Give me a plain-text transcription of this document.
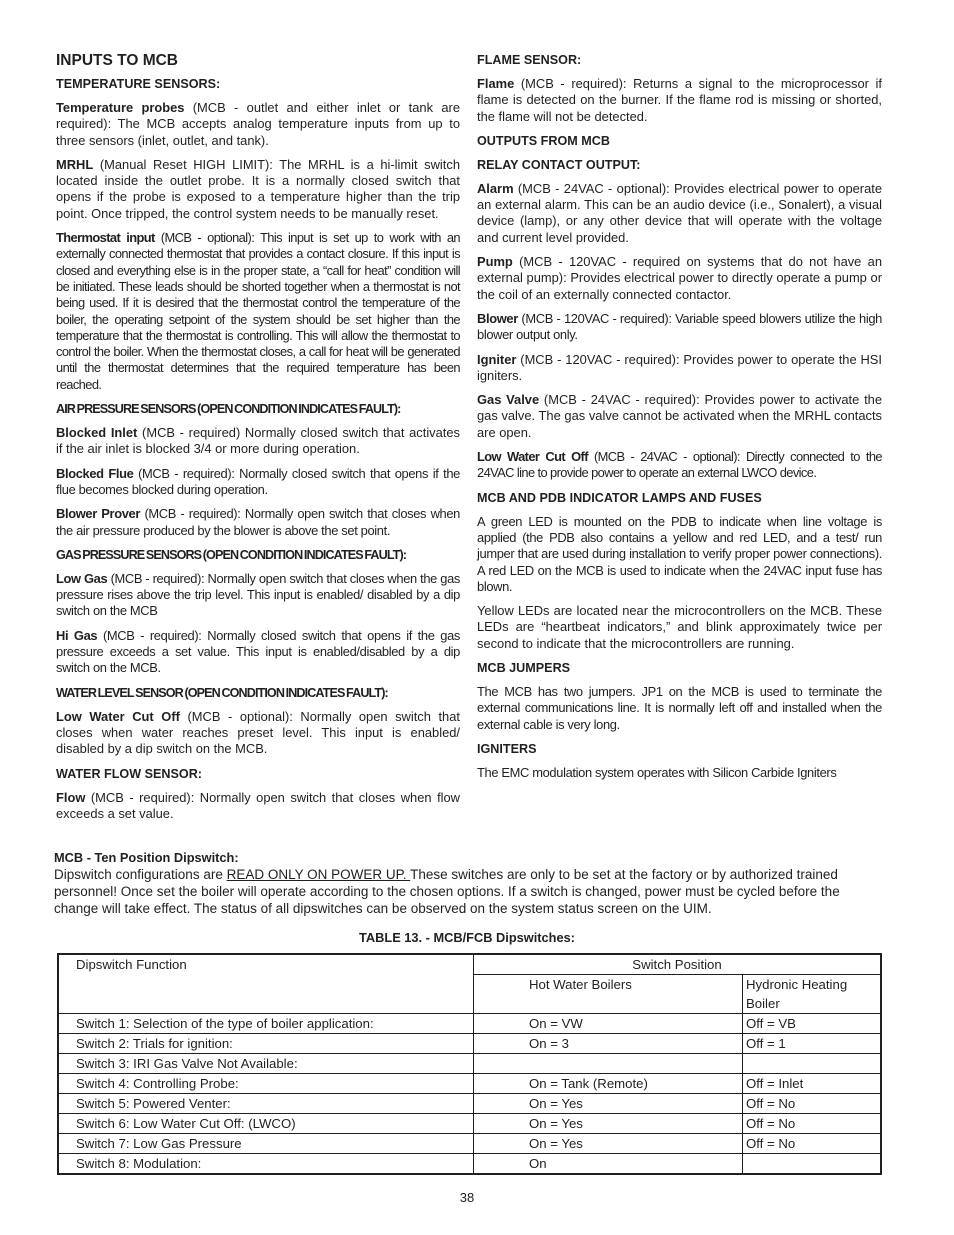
INPUTS TO MCB
TEMPERATURE SENSORS:

Temperature probes (MCB - outlet and either inlet or tank are required): The MCB accepts analog temperature inputs from up to three sensors (inlet, outlet, and tank).

MRHL (Manual Reset HIGH LIMIT): The MRHL is a hi-limit switch located inside the outlet probe. It is a normally closed switch that opens if the probe is exposed to a temperature higher than the trip point. Once tripped, the control system needs to be manually reset.

Thermostat input (MCB - optional): This input is set up to work with an externally connected thermostat that provides a contact closure. If this input is closed and everything else is in the proper state, a “call for heat” condition will be initiated. These leads should be shorted together when a thermostat is not being used. If it is desired that the thermostat control the temperature of the boiler, the operating setpoint of the system should be set higher than the temperature that the thermostat is controlling. This will allow the thermostat to control the boiler. When the thermostat closes, a call for heat will be generated until the thermostat determines that the required temperature has been reached.

AIR PRESSURE SENSORS (OPEN CONDITION INDICATES FAULT):

Blocked Inlet (MCB - required) Normally closed switch that activates if the air inlet is blocked 3/4 or more during operation.

Blocked Flue (MCB - required): Normally closed switch that opens if the flue becomes blocked during operation.

Blower Prover (MCB - required): Normally open switch that closes when the air pressure produced by the blower is above the set point.

GAS PRESSURE SENSORS (OPEN CONDITION INDICATES FAULT):

Low Gas (MCB - required): Normally open switch that closes when the gas pressure rises above the trip level. This input is enabled/ disabled by a dip switch on the MCB

Hi Gas (MCB - required): Normally closed switch that opens if the gas pressure exceeds a set value. This input is enabled/disabled by a dip switch on the MCB.

WATER LEVEL SENSOR (OPEN CONDITION INDICATES FAULT):

Low Water Cut Off (MCB - optional): Normally open switch that closes when water reaches preset level. This input is enabled/ disabled by a dip switch on the MCB.

WATER FLOW SENSOR:

Flow (MCB - required): Normally open switch that closes when flow exceeds a set value.

FLAME SENSOR:

Flame (MCB - required): Returns a signal to the microprocessor if flame is detected on the burner. If the flame rod is missing or shorted, the flame will not be detected.

OUTPUTS FROM MCB
RELAY CONTACT OUTPUT:

Alarm (MCB - 24VAC - optional): Provides electrical power to operate an external alarm. This can be an audio device (i.e., Sonalert), a visual device (lamp), or any other device that will operate with the voltage and current level provided.

Pump (MCB - 120VAC - required on systems that do not have an external pump): Provides electrical power to directly operate a pump or the coil of an externally connected contactor.

Blower (MCB - 120VAC - required): Variable speed blowers utilize the high blower output only.

Igniter (MCB - 120VAC - required): Provides power to operate the HSI igniters.

Gas Valve (MCB - 24VAC - required): Provides power to activate the gas valve. The gas valve cannot be activated when the MRHL contacts are open.

Low Water Cut Off (MCB - 24VAC - optional): Directly connected to the 24VAC line to provide power to operate an external LWCO device.

MCB AND PDB INDICATOR LAMPS AND FUSES

A green LED is mounted on the PDB to indicate when line voltage is applied (the PDB also contains a yellow and red LED, and a test/ run jumper that are used during installation to verify proper power connections). A red LED on the MCB is used to indicate when the 24VAC input fuse has blown.

Yellow LEDs are located near the microcontrollers on the MCB. These LEDs are “heartbeat indicators,” and blink approximately twice per second to indicate that the microcontrollers are running.

MCB JUMPERS

The MCB has two jumpers. JP1 on the MCB is used to terminate the external communications line. It is normally left off and installed when the external cable is very long.

IGNITERS

The EMC modulation system operates with Silicon Carbide Igniters

MCB - Ten Position Dipswitch:
Dipswitch configurations are READ ONLY ON POWER UP. These switches are only to be set at the factory or by authorized trained personnel! Once set the boiler will operate according to the chosen options. If a switch is changed, power must be cycled before the change will take effect. The status of all dipswitches can be observed on the system status screen on the UIM.
TABLE 13. - MCB/FCB Dipswitches:
Dipswitch Function	Switch Position	
	Hot Water Boilers	Hydronic Heating Boiler
Switch 1: Selection of the type of boiler application:	On = VW	Off = VB
Switch 2: Trials for ignition:	On = 3	Off = 1
Switch 3: IRI Gas Valve Not Available:		
Switch 4: Controlling Probe:	On = Tank (Remote)	Off = Inlet
Switch 5: Powered Venter:	On = Yes	Off = No
Switch 6: Low Water Cut Off: (LWCO)	On = Yes	Off = No
Switch 7: Low Gas Pressure	On = Yes	Off = No
Switch 8: Modulation:	On	
38
